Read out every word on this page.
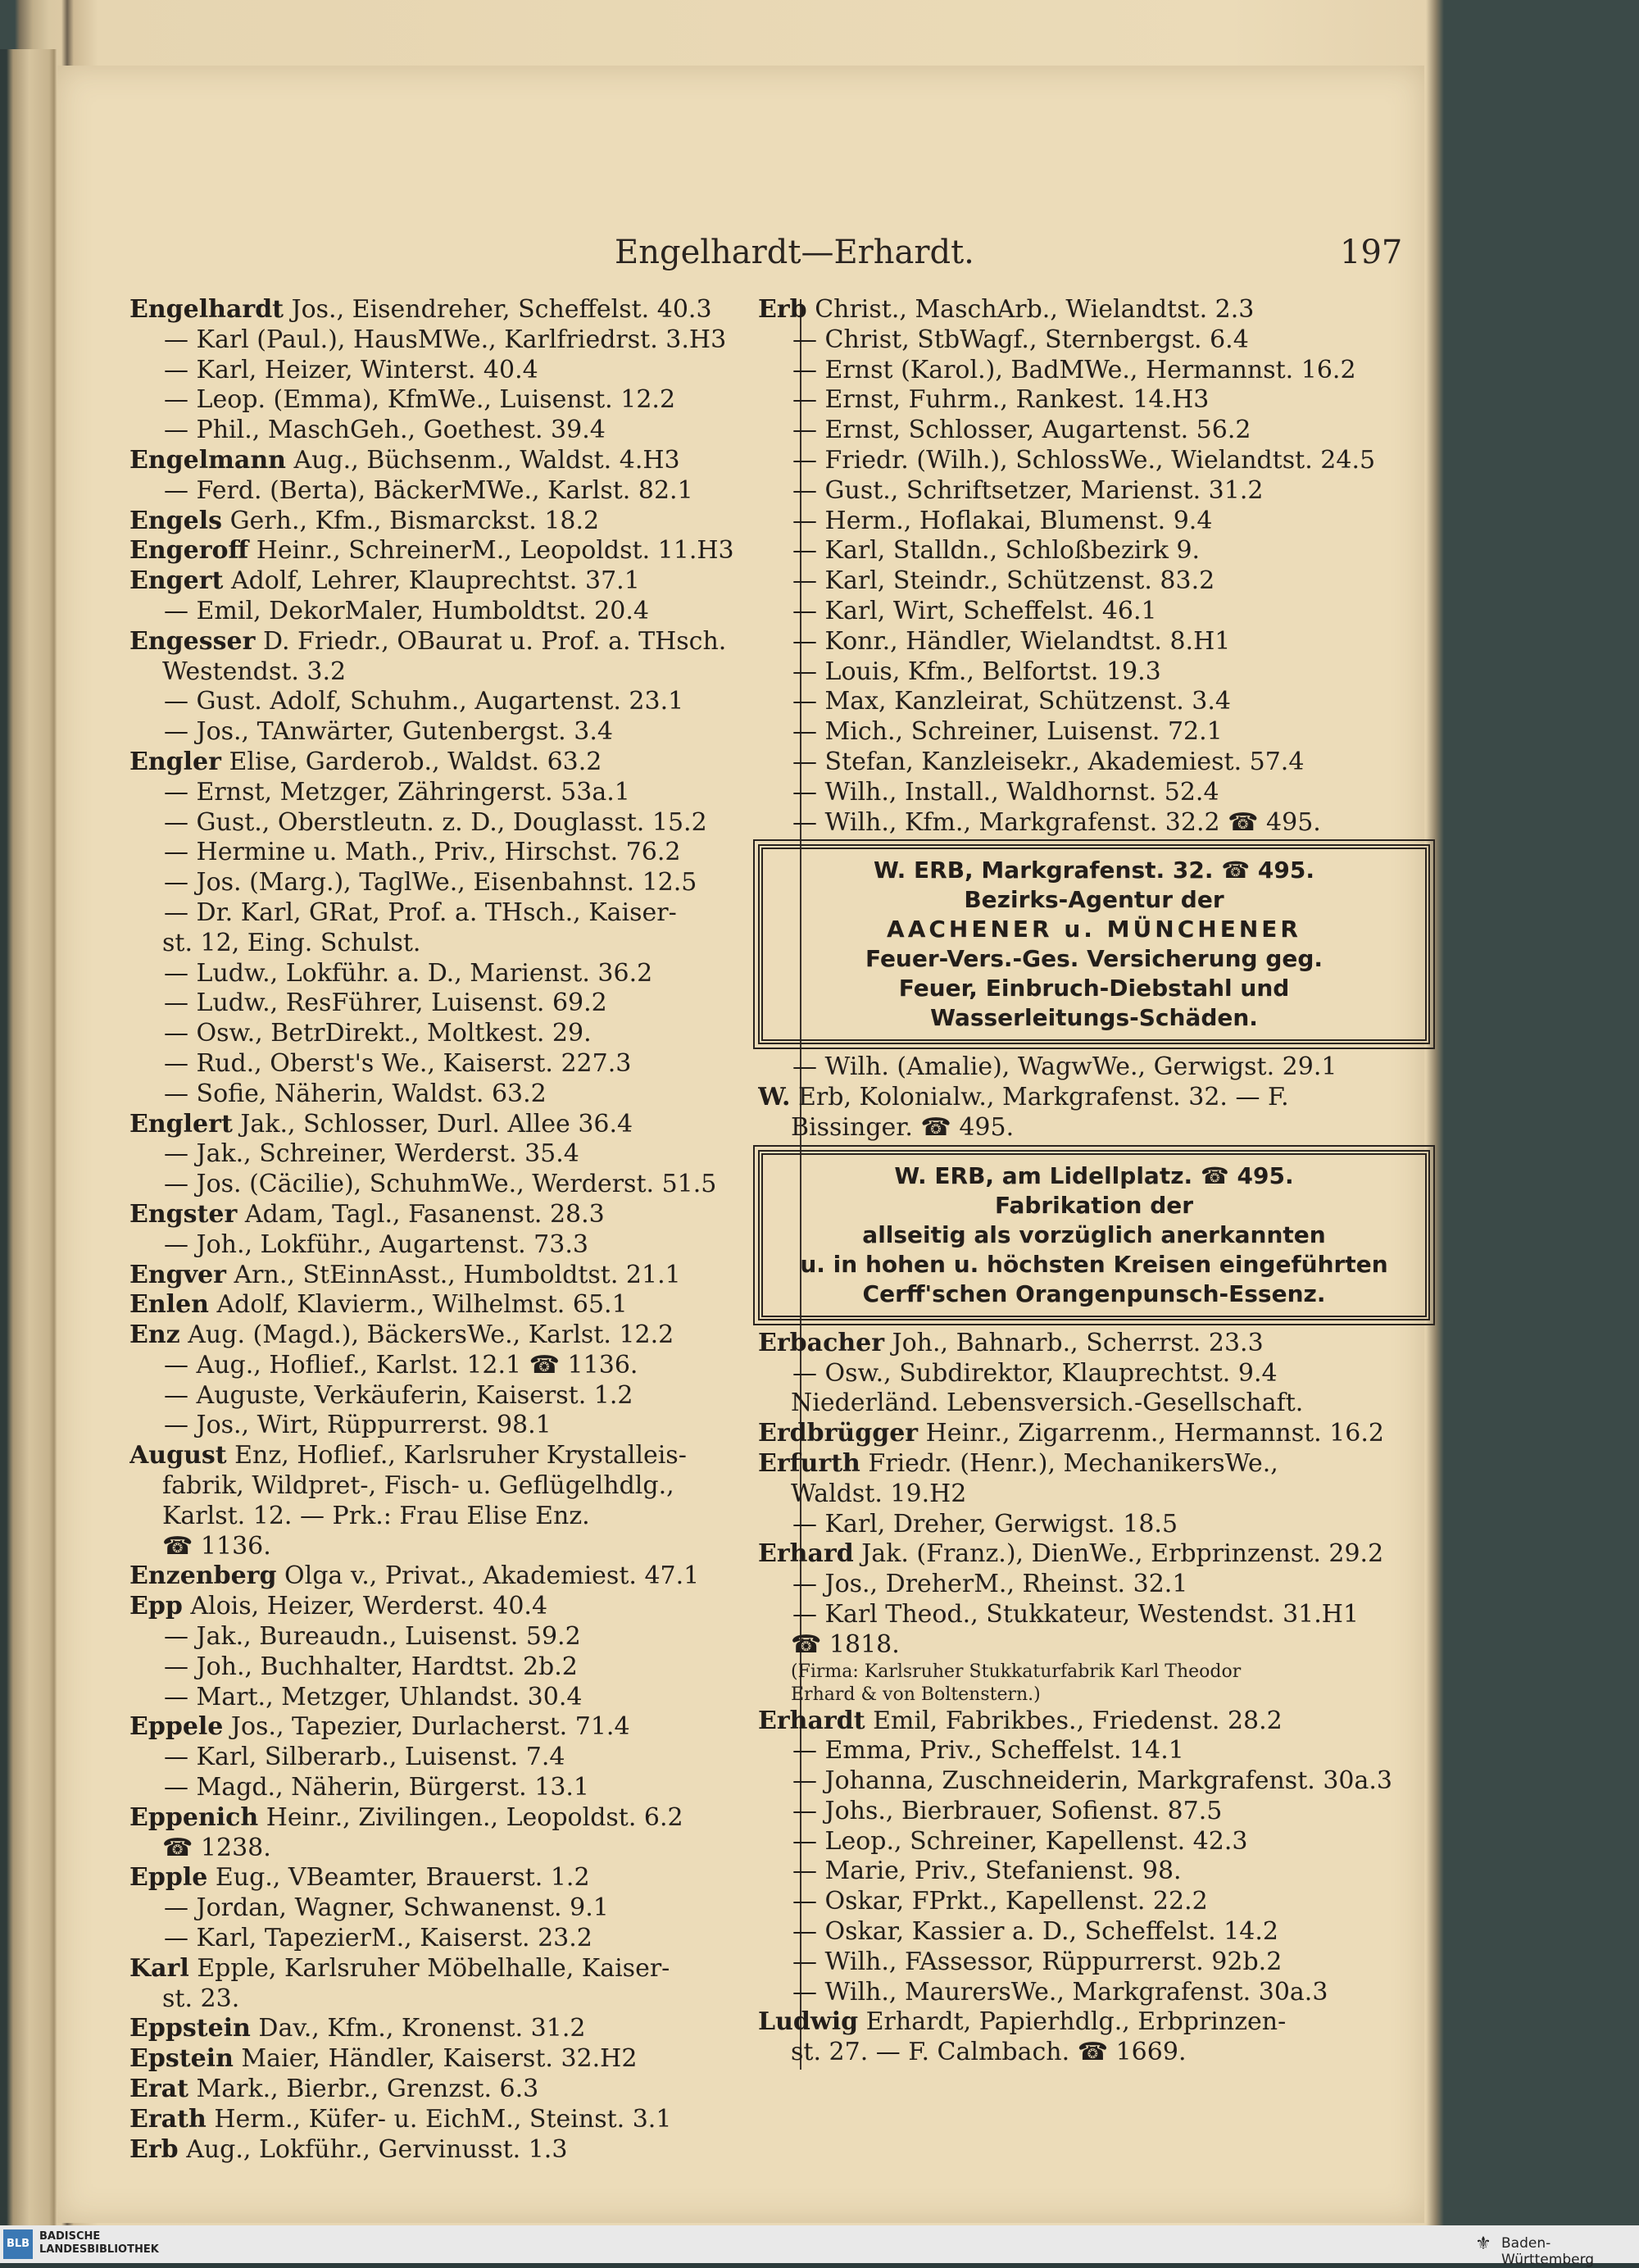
Engelhardt—Erhardt.	197
Engelhardt Jos., Eisendreher, Scheffelst. 40.3
— Karl (Paul.), HausMWe., Karlfriedrst. 3.H3
— Karl, Heizer, Winterst. 40.4
— Leop. (Emma), KfmWe., Luisenst. 12.2
— Phil., MaschGeh., Goethest. 39.4
Engelmann Aug., Büchsenm., Waldst. 4.H3
— Ferd. (Berta), BäckerMWe., Karlst. 82.1
Engels Gerh., Kfm., Bismarckst. 18.2
Engeroff Heinr., SchreinerM., Leopoldst. 11.H3
Engert Adolf, Lehrer, Klauprechtst. 37.1
— Emil, DekorMaler, Humboldtst. 20.4
Engesser D. Friedr., OBaurat u. Prof. a. THsch.
Westendst. 3.2
— Gust. Adolf, Schuhm., Augartenst. 23.1
— Jos., TAnwärter, Gutenbergst. 3.4
Engler Elise, Garderob., Waldst. 63.2
— Ernst, Metzger, Zähringerst. 53a.1
— Gust., Oberstleutn. z. D., Douglasst. 15.2
— Hermine u. Math., Priv., Hirschst. 76.2
— Jos. (Marg.), TaglWe., Eisenbahnst. 12.5
— Dr. Karl, GRat, Prof. a. THsch., Kaiser-
st. 12, Eing. Schulst.
— Ludw., Lokführ. a. D., Marienst. 36.2
— Ludw., ResFührer, Luisenst. 69.2
— Osw., BetrDirekt., Moltkest. 29.
— Rud., Oberst's We., Kaiserst. 227.3
— Sofie, Näherin, Waldst. 63.2
Englert Jak., Schlosser, Durl. Allee 36.4
— Jak., Schreiner, Werderst. 35.4
— Jos. (Cäcilie), SchuhmWe., Werderst. 51.5
Engster Adam, Tagl., Fasanenst. 28.3
— Joh., Lokführ., Augartenst. 73.3
Engver Arn., StEinnAsst., Humboldtst. 21.1
Enlen Adolf, Klavierm., Wilhelmst. 65.1
Enz Aug. (Magd.), BäckersWe., Karlst. 12.2
— Aug., Hoflief., Karlst. 12.1 ☎ 1136.
— Auguste, Verkäuferin, Kaiserst. 1.2
— Jos., Wirt, Rüppurrerst. 98.1
August Enz, Hoflief., Karlsruher Krystalleis-
fabrik, Wildpret-, Fisch- u. Geflügelhdlg.,
Karlst. 12. — Prk.: Frau Elise Enz.
☎ 1136.
Enzenberg Olga v., Privat., Akademiest. 47.1
Epp Alois, Heizer, Werderst. 40.4
— Jak., Bureaudn., Luisenst. 59.2
— Joh., Buchhalter, Hardtst. 2b.2
— Mart., Metzger, Uhlandst. 30.4
Eppele Jos., Tapezier, Durlacherst. 71.4
— Karl, Silberarb., Luisenst. 7.4
— Magd., Näherin, Bürgerst. 13.1
Eppenich Heinr., Zivilingen., Leopoldst. 6.2
☎ 1238.
Epple Eug., VBeamter, Brauerst. 1.2
— Jordan, Wagner, Schwanenst. 9.1
— Karl, TapezierM., Kaiserst. 23.2
Karl Epple, Karlsruher Möbelhalle, Kaiser-
st. 23.
Eppstein Dav., Kfm., Kronenst. 31.2
Epstein Maier, Händler, Kaiserst. 32.H2
Erat Mark., Bierbr., Grenzst. 6.3
Erath Herm., Küfer- u. EichM., Steinst. 3.1
Erb Aug., Lokführ., Gervinusst. 1.3
Erb Christ., MaschArb., Wielandtst. 2.3
— Christ, StbWagf., Sternbergst. 6.4
— Ernst (Karol.), BadMWe., Hermannst. 16.2
— Ernst, Fuhrm., Rankest. 14.H3
— Ernst, Schlosser, Augartenst. 56.2
— Friedr. (Wilh.), SchlossWe., Wielandtst. 24.5
— Gust., Schriftsetzer, Marienst. 31.2
— Herm., Hoflakai, Blumenst. 9.4
— Karl, Stalldn., Schloßbezirk 9.
— Karl, Steindr., Schützenst. 83.2
— Karl, Wirt, Scheffelst. 46.1
— Konr., Händler, Wielandtst. 8.H1
— Louis, Kfm., Belfortst. 19.3
— Max, Kanzleirat, Schützenst. 3.4
— Mich., Schreiner, Luisenst. 72.1
— Stefan, Kanzleisekr., Akademiest. 57.4
— Wilh., Install., Waldhornst. 52.4
— Wilh., Kfm., Markgrafenst. 32.2 ☎ 495.
W. ERB, Markgrafenst. 32. ☎ 495.
Bezirks-Agentur der
AACHENER u. MÜNCHENER
Feuer-Vers.-Ges. Versicherung geg.
Feuer, Einbruch-Diebstahl und
Wasserleitungs-Schäden.
— Wilh. (Amalie), WagwWe., Gerwigst. 29.1
W. Erb, Kolonialw., Markgrafenst. 32. — F.
Bissinger. ☎ 495.
W. ERB, am Lidellplatz. ☎ 495.
Fabrikation der
allseitig als vorzüglich anerkannten
u. in hohen u. höchsten Kreisen eingeführten
Cerff'schen Orangenpunsch-Essenz.
Erbacher Joh., Bahnarb., Scherrst. 23.3
— Osw., Subdirektor, Klauprechtst. 9.4
Niederländ. Lebensversich.-Gesellschaft.
Erdbrügger Heinr., Zigarrenm., Hermannst. 16.2
Erfurth Friedr. (Henr.), MechanikersWe.,
Waldst. 19.H2
— Karl, Dreher, Gerwigst. 18.5
Erhard Jak. (Franz.), DienWe., Erbprinzenst. 29.2
— Jos., DreherM., Rheinst. 32.1
— Karl Theod., Stukkateur, Westendst. 31.H1
☎ 1818.
(Firma: Karlsruher Stukkaturfabrik Karl Theodor
Erhard & von Boltenstern.)
Erhardt Emil, Fabrikbes., Friedenst. 28.2
— Emma, Priv., Scheffelst. 14.1
— Johanna, Zuschneiderin, Markgrafenst. 30a.3
— Johs., Bierbrauer, Sofienst. 87.5
— Leop., Schreiner, Kapellenst. 42.3
— Marie, Priv., Stefanienst. 98.
— Oskar, FPrkt., Kapellenst. 22.2
— Oskar, Kassier a. D., Scheffelst. 14.2
— Wilh., FAssessor, Rüppurrerst. 92b.2
— Wilh., MaurersWe., Markgrafenst. 30a.3
Ludwig Erhardt, Papierhdlg., Erbprinzen-
st. 27. — F. Calmbach. ☎ 1669.
BLB
BADISCHE
LANDESBIBLIOTHEK	⚜ Baden-Württemberg
